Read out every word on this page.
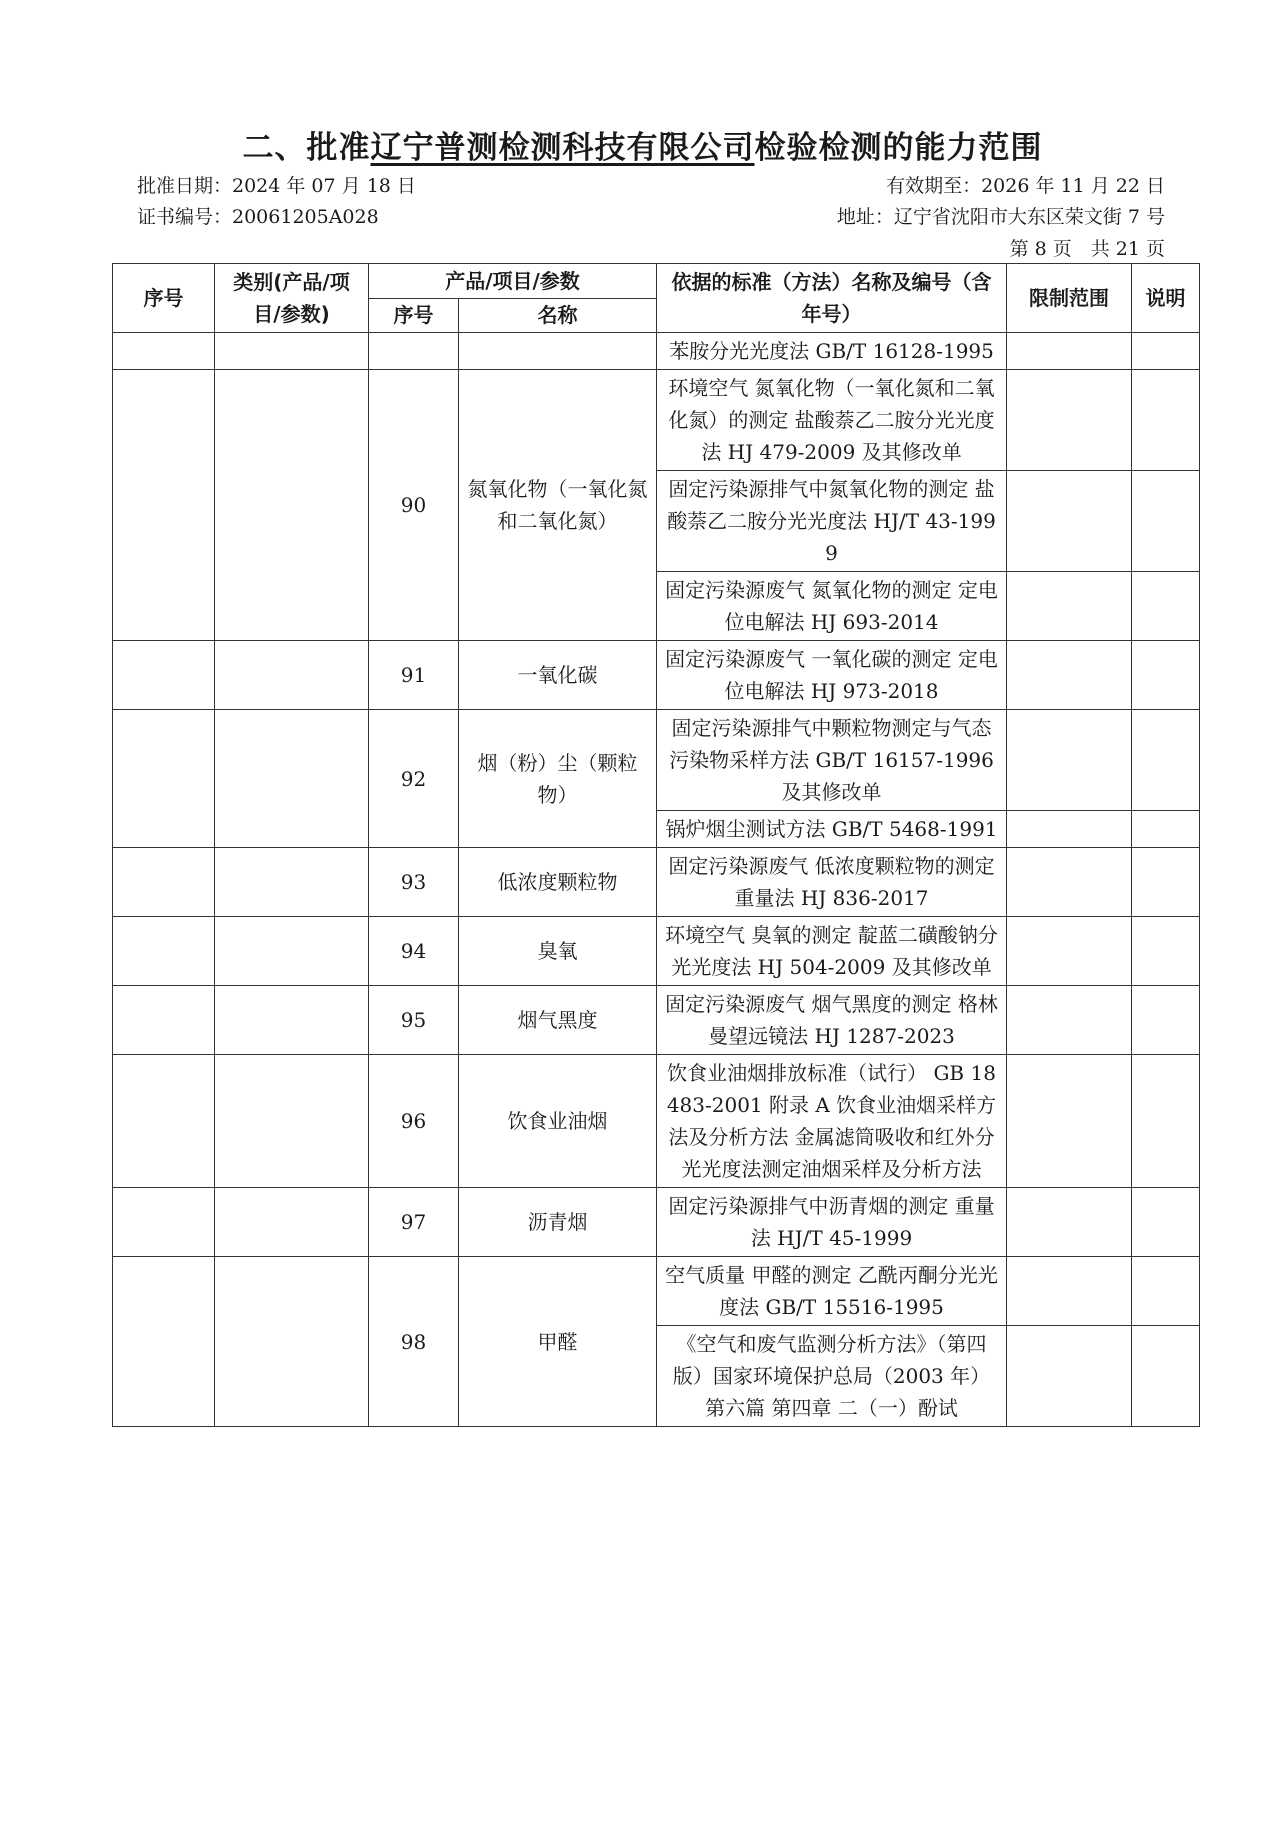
二、批准辽宁普测检测科技有限公司检验检测的能力范围
批准日期：2024 年 07 月 18 日	有效期至：2026 年 11 月 22 日
证书编号：20061205A028	地址：辽宁省沈阳市大东区荣文街 7 号
第 8 页　共 21 页
序号	类别(产品/项目/参数)	产品/项目/参数		依据的标准（方法）名称及编号（含年号）	限制范围	说明
		序号	名称			
				苯胺分光光度法 GB/T 16128-1995		
		90	氮氧化物（一氧化氮和二氧化氮）	环境空气 氮氧化物（一氧化氮和二氧化氮）的测定 盐酸萘乙二胺分光光度法 HJ 479-2009 及其修改单		
				固定污染源排气中氮氧化物的测定 盐酸萘乙二胺分光光度法 HJ/T 43-1999		
				固定污染源废气 氮氧化物的测定 定电位电解法 HJ 693-2014		
		91	一氧化碳	固定污染源废气 一氧化碳的测定 定电位电解法 HJ 973-2018		
		92	烟（粉）尘（颗粒物）	固定污染源排气中颗粒物测定与气态污染物采样方法 GB/T 16157-1996 及其修改单		
				锅炉烟尘测试方法 GB/T 5468-1991		
		93	低浓度颗粒物	固定污染源废气 低浓度颗粒物的测定 重量法 HJ 836-2017		
		94	臭氧	环境空气 臭氧的测定 靛蓝二磺酸钠分光光度法 HJ 504-2009 及其修改单		
		95	烟气黑度	固定污染源废气 烟气黑度的测定 格林曼望远镜法 HJ 1287-2023		
		96	饮食业油烟	饮食业油烟排放标准（试行） GB 18483-2001 附录 A 饮食业油烟采样方法及分析方法 金属滤筒吸收和红外分光光度法测定油烟采样及分析方法		
		97	沥青烟	固定污染源排气中沥青烟的测定 重量法 HJ/T 45-1999		
		98	甲醛	空气质量 甲醛的测定 乙酰丙酮分光光度法 GB/T 15516-1995		
				《空气和废气监测分析方法》（第四版）国家环境保护总局（2003 年）第六篇 第四章 二（一）酚试		
